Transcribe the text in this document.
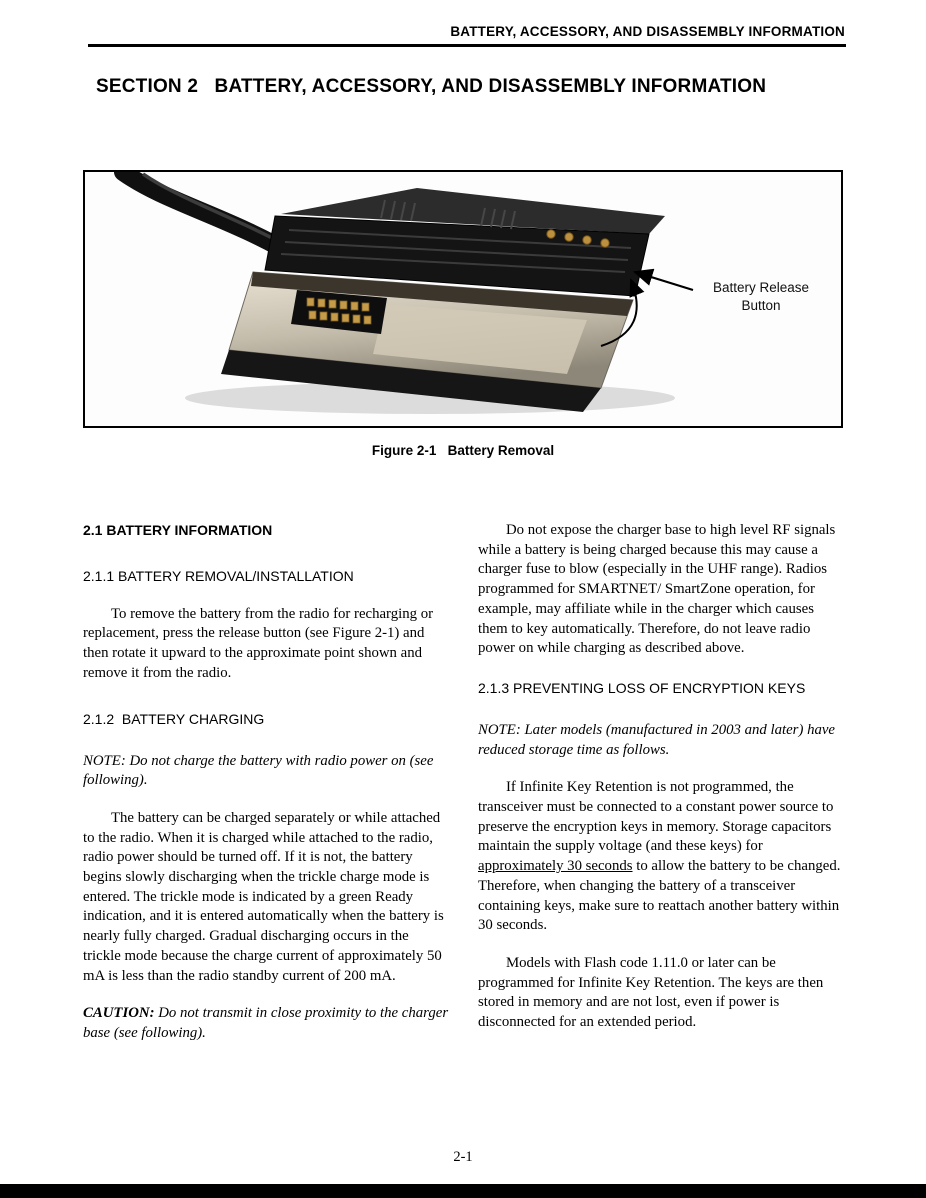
BATTERY, ACCESSORY, AND DISASSEMBLY INFORMATION
SECTION 2   BATTERY, ACCESSORY, AND DISASSEMBLY INFORMATION
Battery Release Button
Figure 2-1   Battery Removal
2.1 BATTERY INFORMATION
2.1.1 BATTERY REMOVAL/INSTALLATION

To remove the battery from the radio for recharging or replacement, press the release button (see Figure 2-1) and then rotate it upward to the approximate point shown and remove it from the radio.

2.1.2  BATTERY CHARGING

NOTE: Do not charge the battery with radio power on (see following).

The battery can be charged separately or while attached to the radio. When it is charged while attached to the radio, radio power should be turned off. If it is not, the battery begins slowly discharging when the trickle charge mode is entered. The trickle mode is indicated by a green Ready indication, and it is entered automatically when the battery is nearly fully charged. Gradual discharging occurs in the trickle mode because the charge current of approximately 50 mA is less than the radio standby current of 200 mA.

CAUTION: Do not transmit in close proximity to the charger base (see following).

Do not expose the charger base to high level RF signals while a battery is being charged because this may cause a charger fuse to blow (especially in the UHF range). Radios programmed for SMARTNET/ SmartZone operation, for example, may affiliate while in the charger which causes them to key automatically. Therefore, do not leave radio power on while charging as described above.

2.1.3 PREVENTING LOSS OF ENCRYPTION KEYS

NOTE: Later models (manufactured in 2003 and later) have reduced storage time as follows.

If Infinite Key Retention is not programmed, the transceiver must be connected to a constant power source to preserve the encryption keys in memory. Storage capacitors maintain the supply voltage (and these keys) for approximately 30 seconds to allow the battery to be changed. Therefore, when changing the battery of a transceiver containing keys, make sure to reattach another battery within 30 seconds.

Models with Flash code 1.11.0 or later can be programmed for Infinite Key Retention. The keys are then stored in memory and are not lost, even if power is disconnected for an extended period.

2-1
